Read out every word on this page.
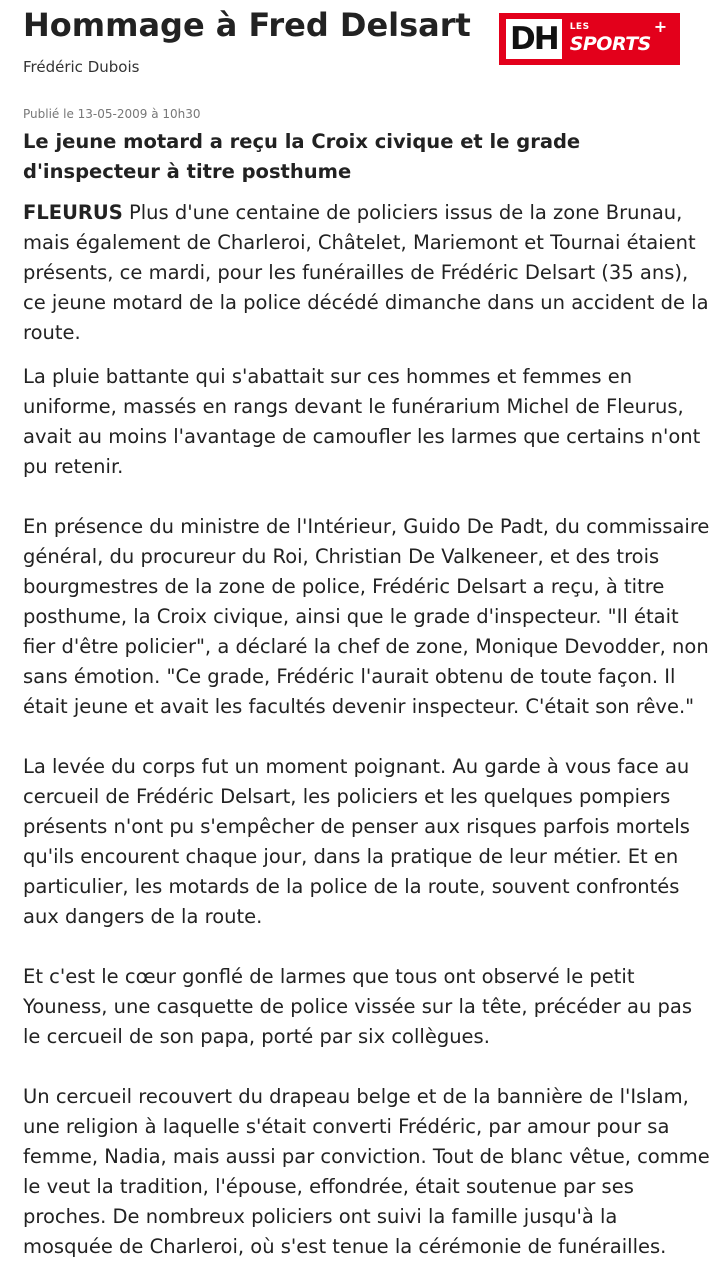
Hommage à Fred Delsart
Frédéric Dubois
DH LES
SPORTS
+
Publié le 13-05-2009 à 10h30
Le jeune motard a reçu la Croix civique et le grade d'inspecteur à titre posthume

FLEURUS Plus d'une centaine de policiers issus de la zone Brunau, mais également de Charleroi, Châtelet, Mariemont et Tournai étaient présents, ce mardi, pour les funérailles de Frédéric Delsart (35 ans), ce jeune motard de la police décédé dimanche dans un accident de la route.

La pluie battante qui s'abattait sur ces hommes et femmes en uniforme, massés en rangs devant le funérarium Michel de Fleurus, avait au moins l'avantage de camoufler les larmes que certains n'ont pu retenir.

En présence du ministre de l'Intérieur, Guido De Padt, du commissaire général, du procureur du Roi, Christian De Valkeneer, et des trois bourgmestres de la zone de police, Frédéric Delsart a reçu, à titre posthume, la Croix civique, ainsi que le grade d'inspecteur. "Il était fier d'être policier", a déclaré la chef de zone, Monique Devodder, non sans émotion. "Ce grade, Frédéric l'aurait obtenu de toute façon. Il était jeune et avait les facultés devenir inspecteur. C'était son rêve."

La levée du corps fut un moment poignant. Au garde à vous face au cercueil de Frédéric Delsart, les policiers et les quelques pompiers présents n'ont pu s'empêcher de penser aux risques parfois mortels qu'ils encourent chaque jour, dans la pratique de leur métier. Et en particulier, les motards de la police de la route, souvent confrontés aux dangers de la route.

Et c'est le cœur gonflé de larmes que tous ont observé le petit Youness, une casquette de police vissée sur la tête, précéder au pas le cercueil de son papa, porté par six collègues.

Un cercueil recouvert du drapeau belge et de la bannière de l'Islam, une religion à laquelle s'était converti Frédéric, par amour pour sa femme, Nadia, mais aussi par conviction. Tout de blanc vêtue, comme le veut la tradition, l'épouse, effondrée, était soutenue par ses proches. De nombreux policiers ont suivi la famille jusqu'à la mosquée de Charleroi, où s'est tenue la cérémonie de funérailles.
